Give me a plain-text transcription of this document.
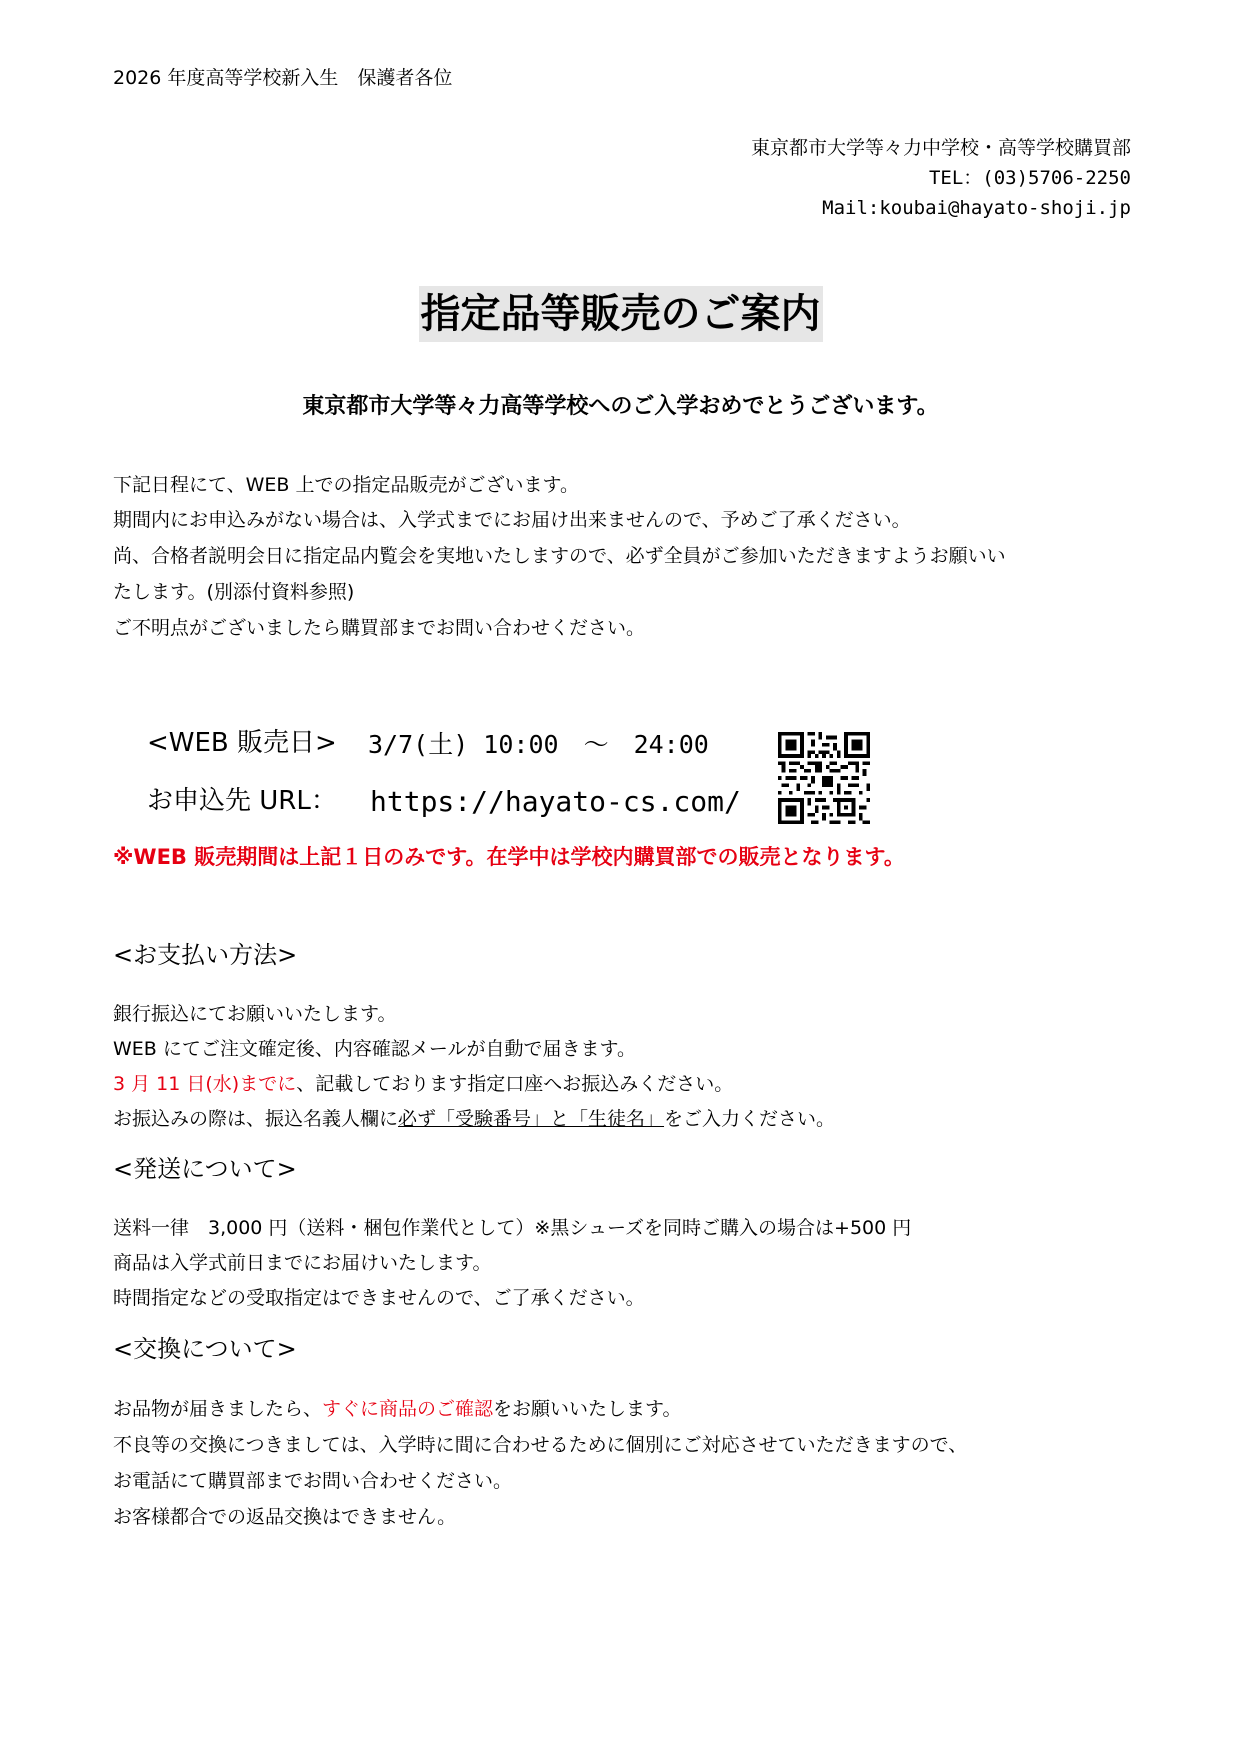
2026 年度高等学校新入生　保護者各位
東京都市大学等々力中学校・高等学校購買部
TEL：(03)5706-2250
Mail:koubai@hayato-shoji.jp
指定品等販売のご案内
東京都市大学等々力高等学校へのご入学おめでとうございます。
下記日程にて、WEB 上での指定品販売がございます。
期間内にお申込みがない場合は、入学式までにお届け出来ませんので、予めご了承ください。
尚、合格者説明会日に指定品内覧会を実地いたしますので、必ず全員がご参加いただきますようお願いい
たします。(別添付資料参照)
ご不明点がございましたら購買部までお問い合わせください。
<WEB 販売日> 3/7(土) 10:00　～　24:00
お申込先 URL： https://hayato-cs.com/
※WEB 販売期間は上記１日のみです。在学中は学校内購買部での販売となります。
<お支払い方法>
銀行振込にてお願いいたします。
WEB にてご注文確定後、内容確認メールが自動で届きます。
3 月 11 日(水)までに、記載しております指定口座へお振込みください。
お振込みの際は、振込名義人欄に必ず「受験番号」と「生徒名」をご入力ください。
<発送について>
送料一律　3,000 円（送料・梱包作業代として）※黒シューズを同時ご購入の場合は+500 円
商品は入学式前日までにお届けいたします。
時間指定などの受取指定はできませんので、ご了承ください。
<交換について>
お品物が届きましたら、すぐに商品のご確認をお願いいたします。
不良等の交換につきましては、入学時に間に合わせるために個別にご対応させていただきますので、
お電話にて購買部までお問い合わせください。
お客様都合での返品交換はできません。
